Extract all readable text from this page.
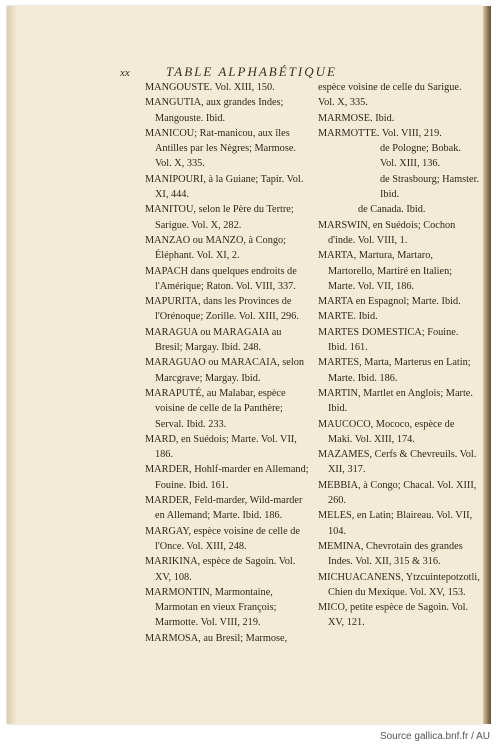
xx	TABLE ALPHABÉTIQUE

MANGOUSTE. Vol. XIII, 150.

MANGUTIA, aux grandes Indes; Mangouste. Ibid.

MANICOU; Rat-manicou, aux îles Antilles par les Nègres; Marmose. Vol. X, 335.

MANIPOURI, à la Guiane; Tapir. Vol. XI, 444.

MANITOU, selon le Père du Tertre; Sarigue. Vol. X, 282.

MANZAO ou MANZO, à Congo; Éléphant. Vol. XI, 2.

MAPACH dans quelques endroits de l'Amérique; Raton. Vol. VIII, 337.

MAPURITA, dans les Provinces de l'Orénoque; Zorille. Vol. XIII, 296.

MARAGUA ou MARAGAIA au Bresil; Margay. Ibid. 248.

MARAGUAO ou MARACAIA, selon Marcgrave; Margay. Ibid.

MARAPUTÉ, au Malabar, espèce voisine de celle de la Panthère; Serval. Ibid. 233.

MARD, en Suédois; Marte. Vol. VII, 186.

MARDER, Hohlf-marder en Allemand; Fouine. Ibid. 161.

MARDER, Feld-marder, Wild-marder en Allemand; Marte. Ibid. 186.

MARGAY, espèce voisine de celle de l'Once. Vol. XIII, 248.

MARIKINA, espèce de Sagoin. Vol. XV, 108.

MARMONTIN, Marmontaine, Marmotan en vieux François; Marmotte. Vol. VIII, 219.

MARMOSA, au Bresil; Marmose,

espèce voisine de celle du Sarigue. Vol. X, 335.

MARMOSE. Ibid.

MARMOTTE. Vol. VIII, 219.

de Pologne; Bobak. Vol. XIII, 136.

de Strasbourg; Hamster. Ibid.

de Canada. Ibid.

MARSWIN, en Suédois; Cochon d'inde. Vol. VIII, 1.

MARTA, Martura, Martaro, Martorello, Martiré en Italien; Marte. Vol. VII, 186.

MARTA en Espagnol; Marte. Ibid.

MARTE. Ibid.

MARTES DOMESTICA; Fouine. Ibid. 161.

MARTES, Marta, Marterus en Latin; Marte. Ibid. 186.

MARTIN, Martlet en Anglois; Marte. Ibid.

MAUCOCO, Mococo, espèce de Maki. Vol. XIII, 174.

MAZAMES, Cerfs & Chevreuils. Vol. XII, 317.

MEBBIA, à Congo; Chacal. Vol. XIII, 260.

MELES, en Latin; Blaireau. Vol. VII, 104.

MEMINA, Chevrotain des grandes Indes. Vol. XII, 315 & 316.

MICHUACANENS, Ytzcuintepotzotli, Chien du Mexique. Vol. XV, 153.

MICO, petite espèce de Sagoin. Vol. XV, 121.

Source gallica.bnf.fr / AU
